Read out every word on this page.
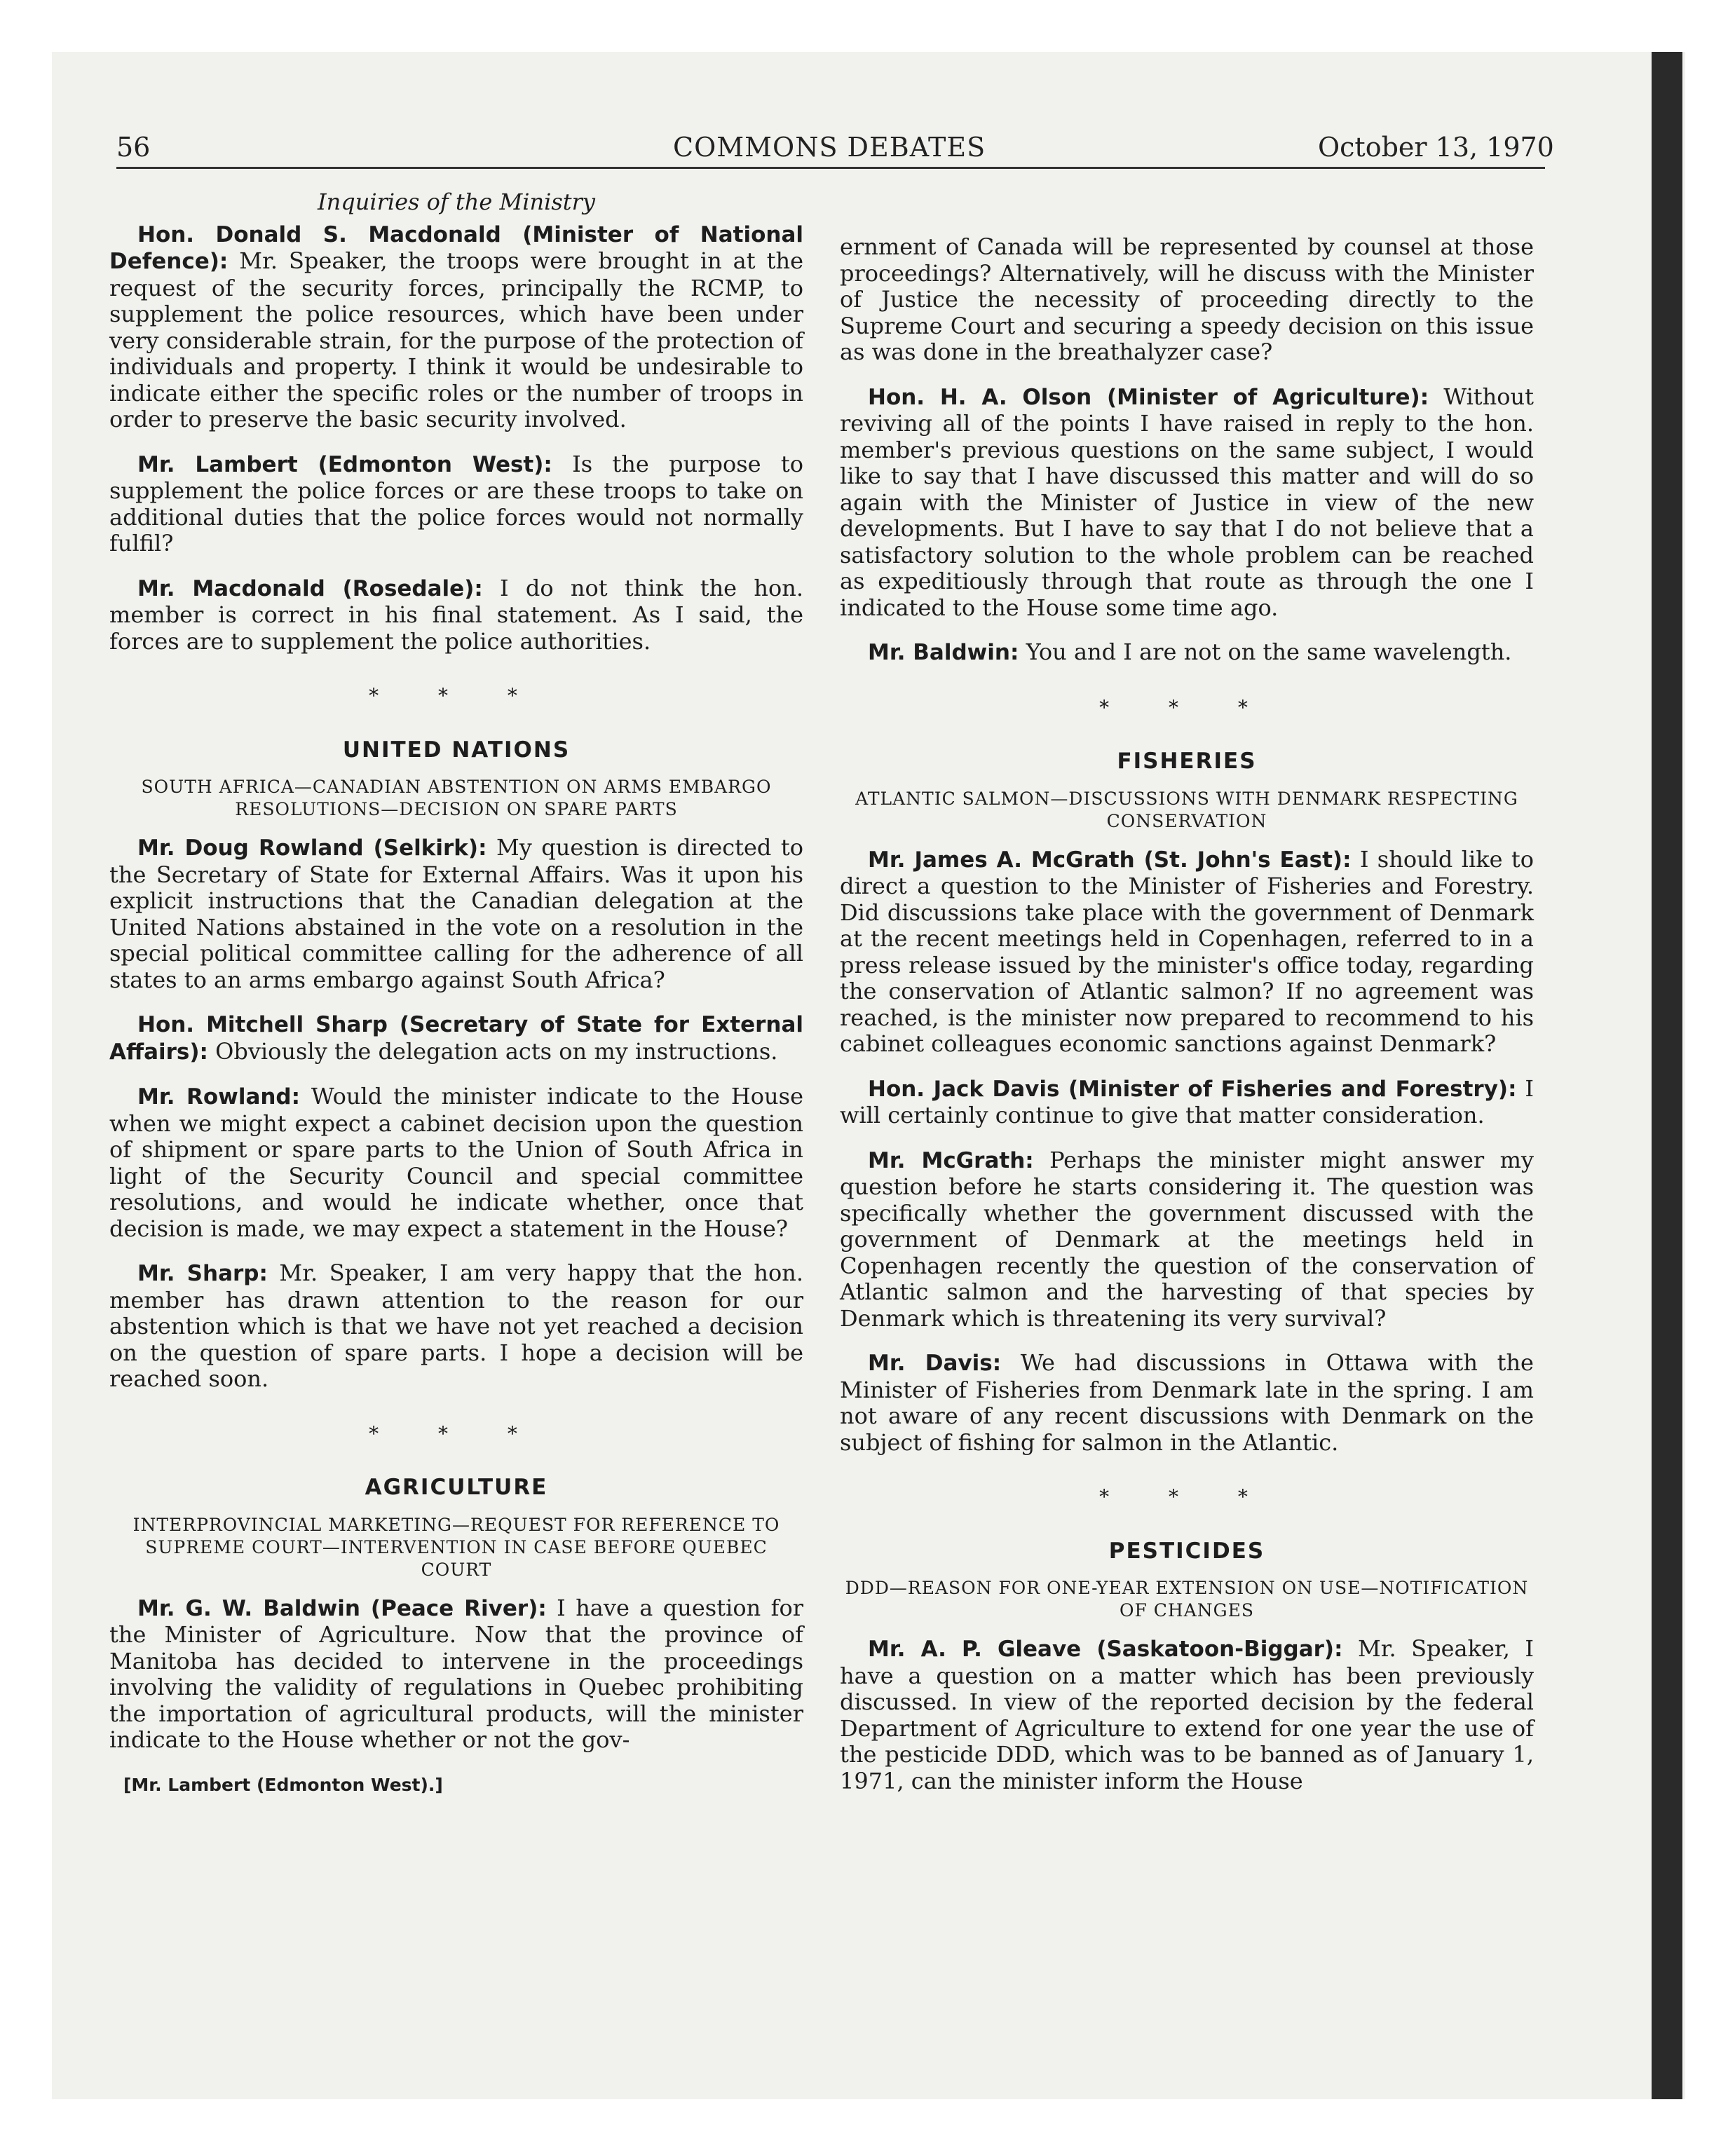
56	COMMONS DEBATES	October 13, 1970

Inquiries of the Ministry

Hon. Donald S. Macdonald (Minister of National Defence): Mr. Speaker, the troops were brought in at the request of the security forces, principally the RCMP, to supplement the police resources, which have been under very considerable strain, for the purpose of the protection of individuals and property. I think it would be undesirable to indicate either the specific roles or the number of troops in order to preserve the basic security involved.

Mr. Lambert (Edmonton West): Is the purpose to supplement the police forces or are these troops to take on additional duties that the police forces would not normally fulfil?

Mr. Macdonald (Rosedale): I do not think the hon. member is correct in his final statement. As I said, the forces are to supplement the police authorities.

* * *
UNITED NATIONS
SOUTH AFRICA—CANADIAN ABSTENTION ON ARMS EMBARGO RESOLUTIONS—DECISION ON SPARE PARTS

Mr. Doug Rowland (Selkirk): My question is directed to the Secretary of State for External Affairs. Was it upon his explicit instructions that the Canadian delegation at the United Nations abstained in the vote on a resolution in the special political committee calling for the adherence of all states to an arms embargo against South Africa?

Hon. Mitchell Sharp (Secretary of State for External Affairs): Obviously the delegation acts on my instructions.

Mr. Rowland: Would the minister indicate to the House when we might expect a cabinet decision upon the question of shipment or spare parts to the Union of South Africa in light of the Security Council and special committee resolutions, and would he indicate whether, once that decision is made, we may expect a statement in the House?

Mr. Sharp: Mr. Speaker, I am very happy that the hon. member has drawn attention to the reason for our abstention which is that we have not yet reached a decision on the question of spare parts. I hope a decision will be reached soon.

* * *
AGRICULTURE
INTERPROVINCIAL MARKETING—REQUEST FOR REFERENCE TO SUPREME COURT—INTERVENTION IN CASE BEFORE QUEBEC COURT

Mr. G. W. Baldwin (Peace River): I have a question for the Minister of Agriculture. Now that the province of Manitoba has decided to intervene in the proceedings involving the validity of regulations in Quebec prohibiting the importation of agricultural products, will the minister indicate to the House whether or not the gov-

[Mr. Lambert (Edmonton West).]

ernment of Canada will be represented by counsel at those proceedings? Alternatively, will he discuss with the Minister of Justice the necessity of proceeding directly to the Supreme Court and securing a speedy decision on this issue as was done in the breathalyzer case?

Hon. H. A. Olson (Minister of Agriculture): Without reviving all of the points I have raised in reply to the hon. member's previous questions on the same subject, I would like to say that I have discussed this matter and will do so again with the Minister of Justice in view of the new developments. But I have to say that I do not believe that a satisfactory solution to the whole problem can be reached as expeditiously through that route as through the one I indicated to the House some time ago.

Mr. Baldwin: You and I are not on the same wavelength.

* * *
FISHERIES
ATLANTIC SALMON—DISCUSSIONS WITH DENMARK RESPECTING CONSERVATION

Mr. James A. McGrath (St. John's East): I should like to direct a question to the Minister of Fisheries and Forestry. Did discussions take place with the government of Denmark at the recent meetings held in Copenhagen, referred to in a press release issued by the minister's office today, regarding the conservation of Atlantic salmon? If no agreement was reached, is the minister now prepared to recommend to his cabinet colleagues economic sanctions against Denmark?

Hon. Jack Davis (Minister of Fisheries and Forestry): I will certainly continue to give that matter consideration.

Mr. McGrath: Perhaps the minister might answer my question before he starts considering it. The question was specifically whether the government discussed with the government of Denmark at the meetings held in Copenhagen recently the question of the conservation of Atlantic salmon and the harvesting of that species by Denmark which is threatening its very survival?

Mr. Davis: We had discussions in Ottawa with the Minister of Fisheries from Denmark late in the spring. I am not aware of any recent discussions with Denmark on the subject of fishing for salmon in the Atlantic.

* * *
PESTICIDES
DDD—REASON FOR ONE-YEAR EXTENSION ON USE—NOTIFICATION OF CHANGES

Mr. A. P. Gleave (Saskatoon-Biggar): Mr. Speaker, I have a question on a matter which has been previously discussed. In view of the reported decision by the federal Department of Agriculture to extend for one year the use of the pesticide DDD, which was to be banned as of January 1, 1971, can the minister inform the House
